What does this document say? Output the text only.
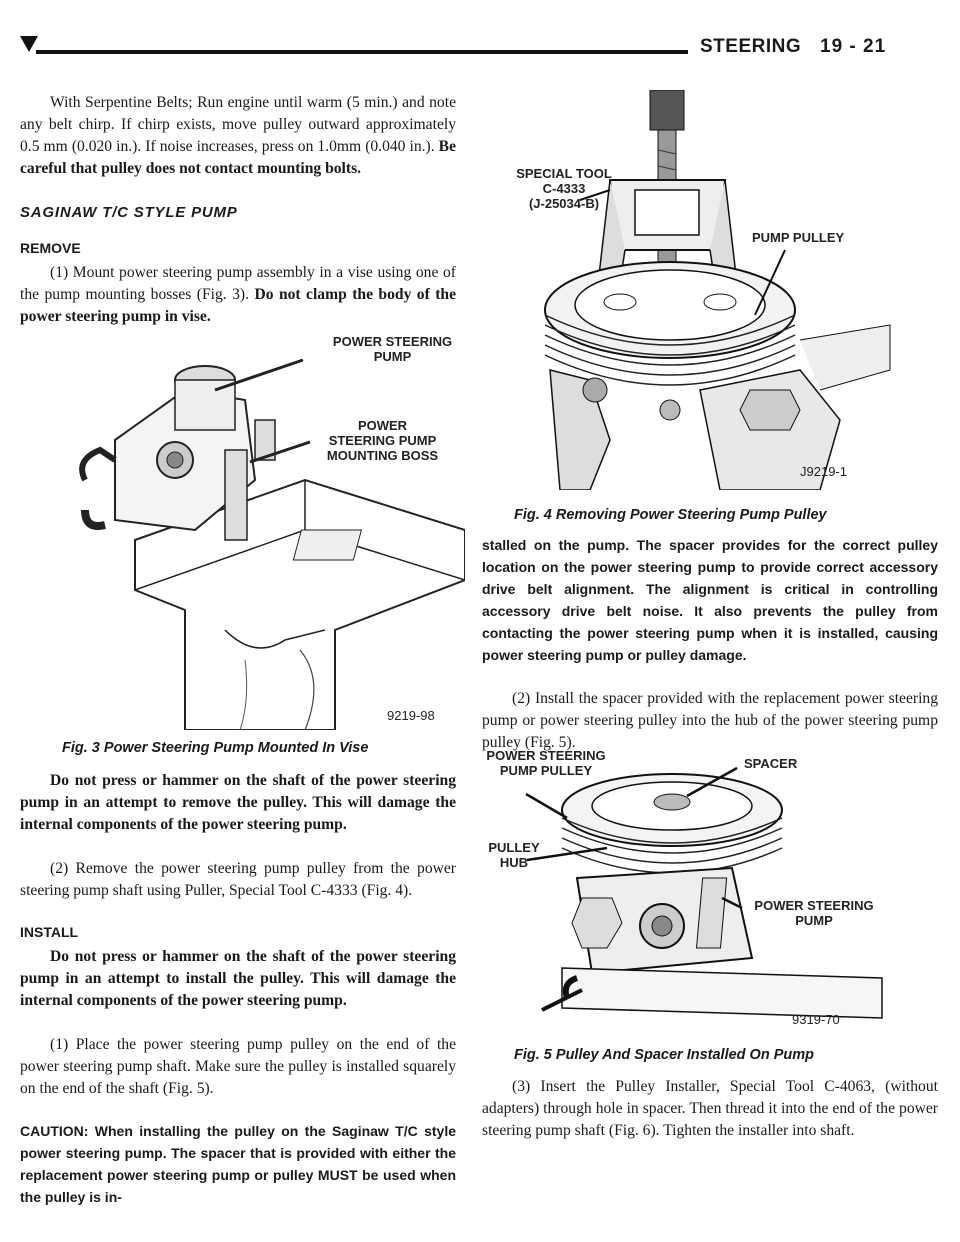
STEERING 19 - 21

With Serpentine Belts; Run engine until warm (5 min.) and note any belt chirp. If chirp exists, move pulley outward approximately 0.5 mm (0.020 in.). If noise increases, press on 1.0mm (0.040 in.). Be careful that pulley does not contact mounting bolts.

SAGINAW T/C STYLE PUMP
REMOVE

(1) Mount power steering pump assembly in a vise using one of the pump mounting bosses (Fig. 3). Do not clamp the body of the power steering pump in vise.

POWER STEERING PUMP
POWER STEERING PUMP MOUNTING BOSS
9219-98
Fig. 3 Power Steering Pump Mounted In Vise

Do not press or hammer on the shaft of the power steering pump in an attempt to remove the pulley. This will damage the internal components of the power steering pump.

(2) Remove the power steering pump pulley from the power steering pump shaft using Puller, Special Tool C-4333 (Fig. 4).

INSTALL

Do not press or hammer on the shaft of the power steering pump in an attempt to install the pulley. This will damage the internal components of the power steering pump.

(1) Place the power steering pump pulley on the end of the power steering pump shaft. Make sure the pulley is installed squarely on the end of the shaft (Fig. 5).

CAUTION: When installing the pulley on the Saginaw T/C style power steering pump. The spacer that is provided with either the replacement power steering pump or pulley MUST be used when the pulley is in-

SPECIAL TOOL
C-4333
(J-25034-B)
PUMP PULLEY
J9219-1
Fig. 4 Removing Power Steering Pump Pulley

stalled on the pump. The spacer provides for the correct pulley location on the power steering pump to provide correct accessory drive belt alignment. The alignment is critical in controlling accessory drive belt noise. It also prevents the pulley from contacting the power steering pump when it is installed, causing power steering pump or pulley damage.

(2) Install the spacer provided with the replacement power steering pump or power steering pulley into the hub of the power steering pump pulley (Fig. 5).

POWER STEERING
PUMP PULLEY	SPACER
PULLEY
HUB
POWER STEERING
PUMP
9319-70
Fig. 5 Pulley And Spacer Installed On Pump

(3) Insert the Pulley Installer, Special Tool C-4063, (without adapters) through hole in spacer. Then thread it into the end of the power steering pump shaft (Fig. 6). Tighten the installer into shaft.
